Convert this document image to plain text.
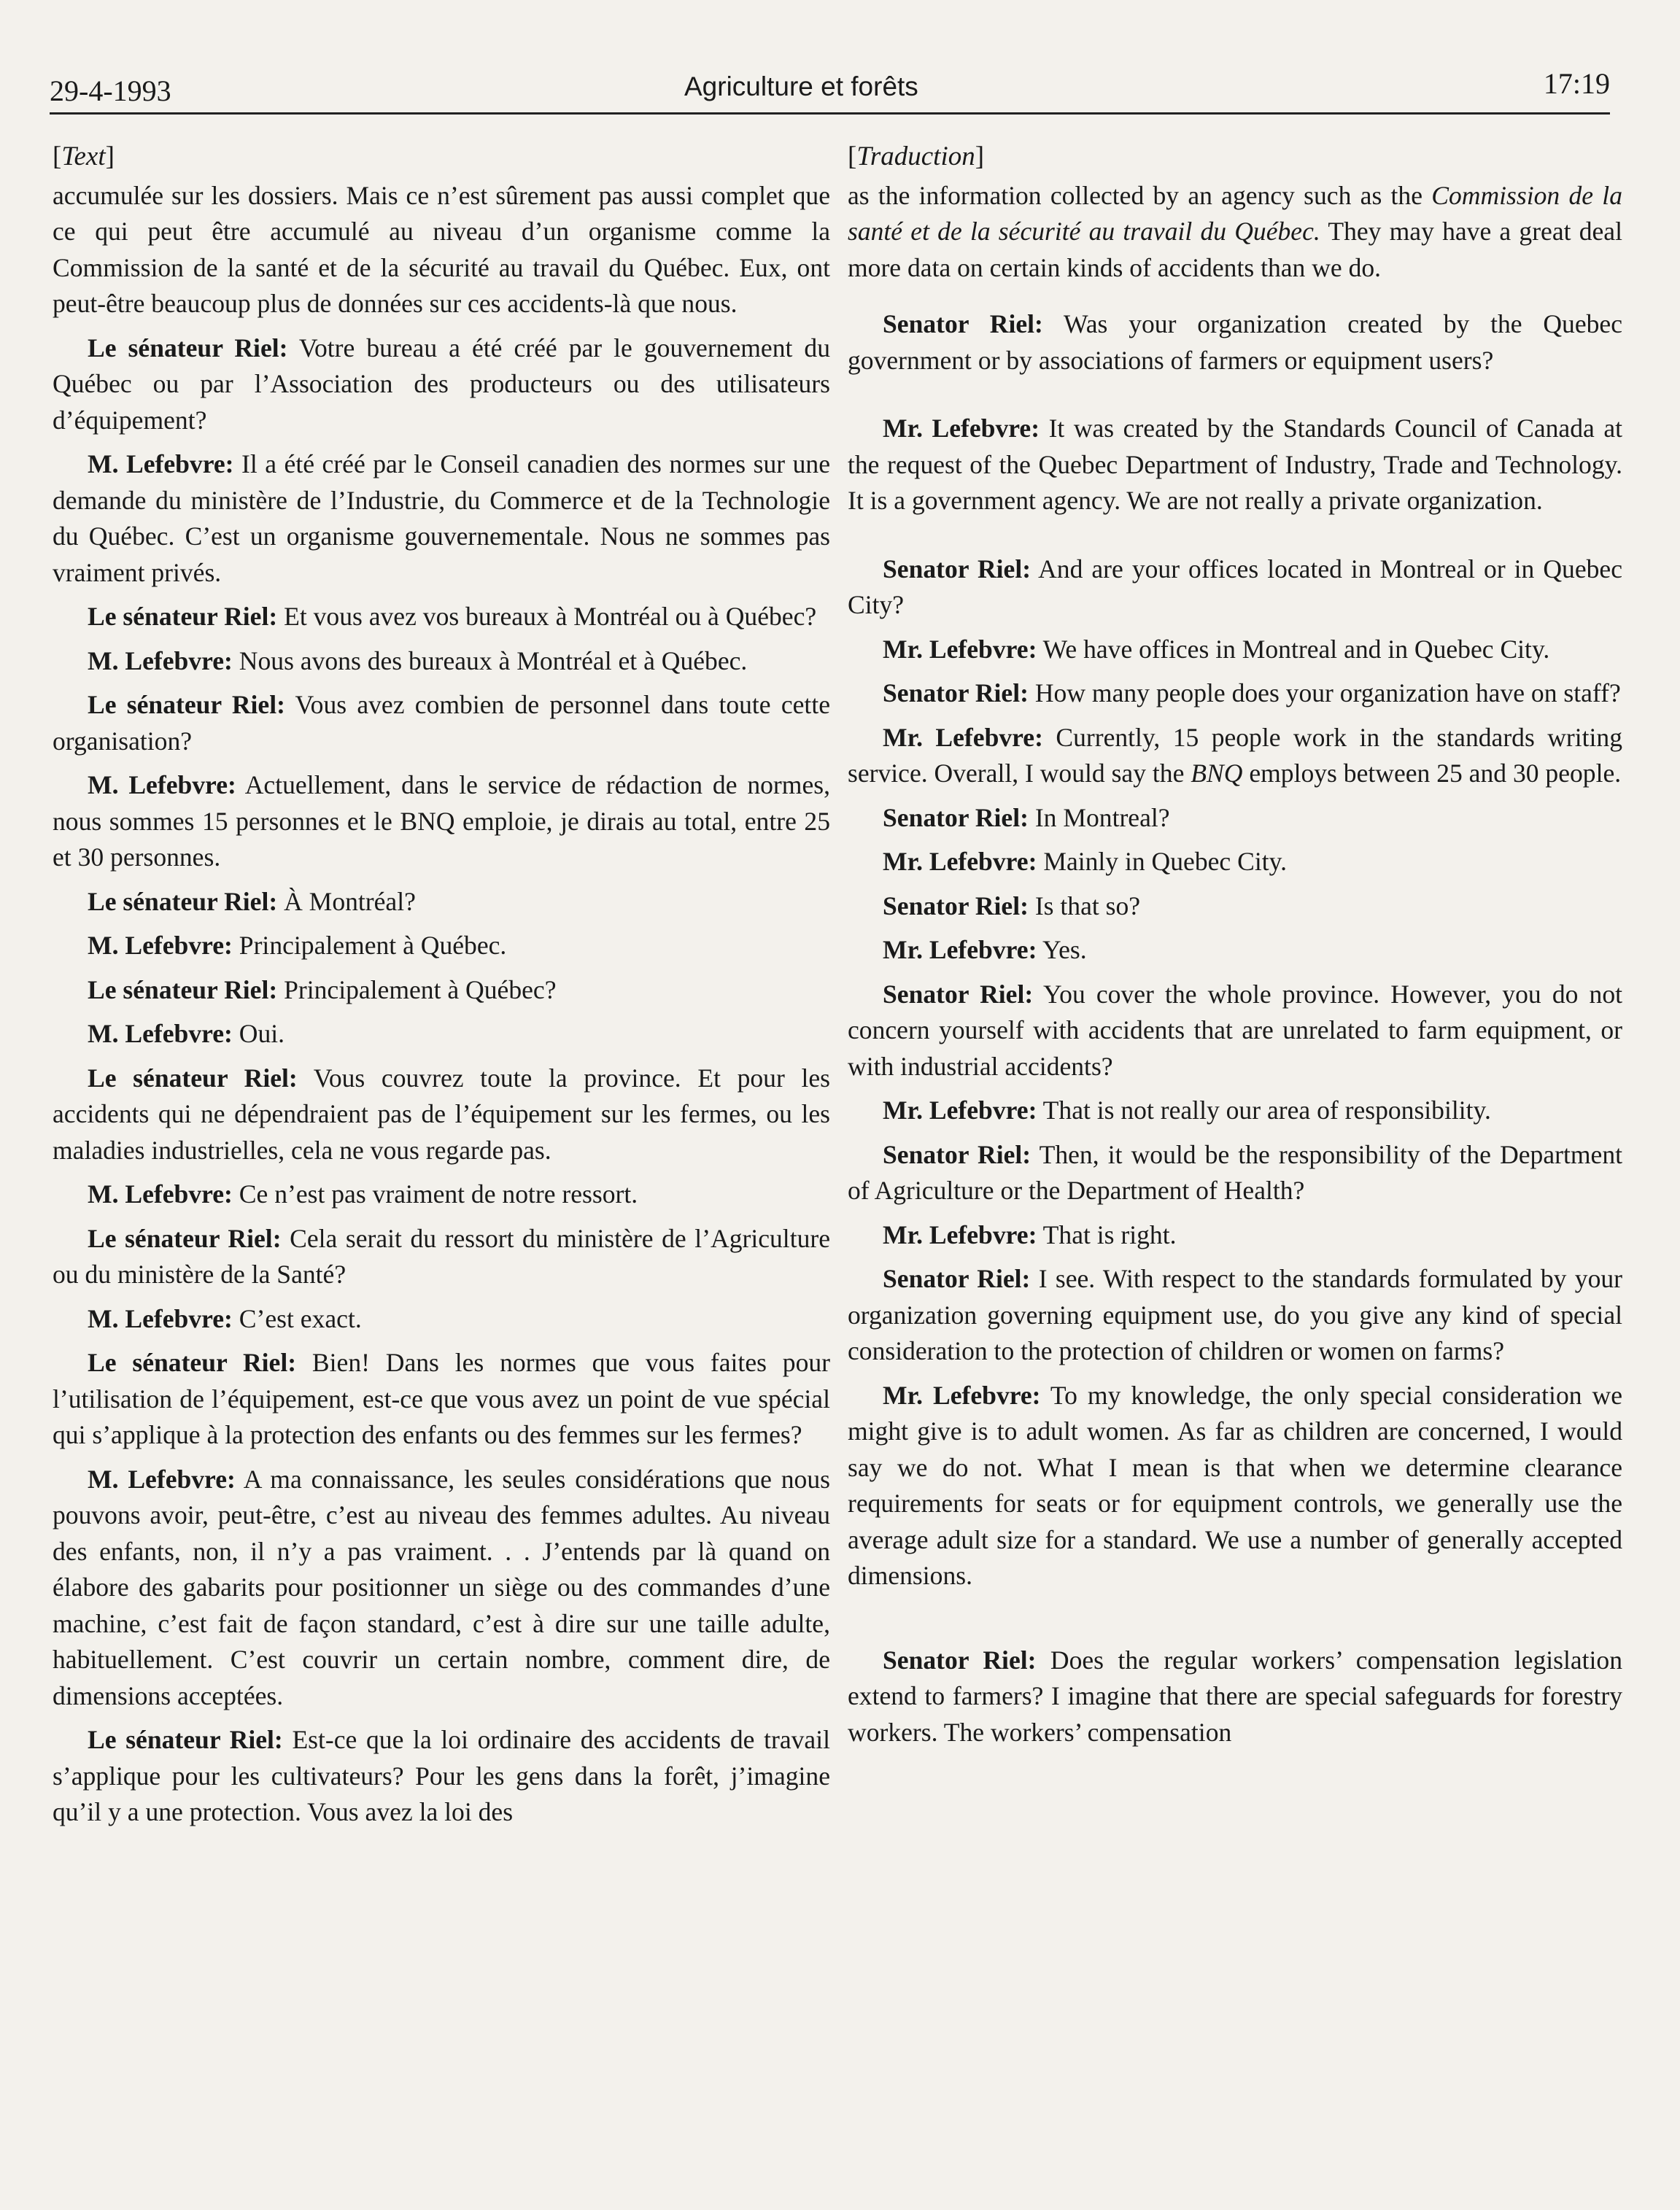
29-4-1993	Agriculture et forêts	17:19
[Text]

accumulée sur les dossiers. Mais ce n’est sûrement pas aussi complet que ce qui peut être accumulé au niveau d’un organisme comme la Commission de la santé et de la sécurité au travail du Québec. Eux, ont peut-être beaucoup plus de données sur ces accidents-là que nous.

Le sénateur Riel: Votre bureau a été créé par le gouvernement du Québec ou par l’Association des producteurs ou des utilisateurs d’équipement?

M. Lefebvre: Il a été créé par le Conseil canadien des normes sur une demande du ministère de l’Industrie, du Commerce et de la Technologie du Québec. C’est un organisme gouvernementale. Nous ne sommes pas vraiment privés.

Le sénateur Riel: Et vous avez vos bureaux à Montréal ou à Québec?

M. Lefebvre: Nous avons des bureaux à Montréal et à Québec.

Le sénateur Riel: Vous avez combien de personnel dans toute cette organisation?

M. Lefebvre: Actuellement, dans le service de rédaction de normes, nous sommes 15 personnes et le BNQ emploie, je dirais au total, entre 25 et 30 personnes.

Le sénateur Riel: À Montréal?

M. Lefebvre: Principalement à Québec.

Le sénateur Riel: Principalement à Québec?

M. Lefebvre: Oui.

Le sénateur Riel: Vous couvrez toute la province. Et pour les accidents qui ne dépendraient pas de l’équipement sur les fermes, ou les maladies industrielles, cela ne vous regarde pas.

M. Lefebvre: Ce n’est pas vraiment de notre ressort.

Le sénateur Riel: Cela serait du ressort du ministère de l’Agriculture ou du ministère de la Santé?

M. Lefebvre: C’est exact.

Le sénateur Riel: Bien! Dans les normes que vous faites pour l’utilisation de l’équipement, est-ce que vous avez un point de vue spécial qui s’applique à la protection des enfants ou des femmes sur les fermes?

M. Lefebvre: A ma connaissance, les seules considérations que nous pouvons avoir, peut-être, c’est au niveau des femmes adultes. Au niveau des enfants, non, il n’y a pas vraiment. . . J’entends par là quand on élabore des gabarits pour positionner un siège ou des commandes d’une machine, c’est fait de façon standard, c’est à dire sur une taille adulte, habituellement. C’est couvrir un certain nombre, comment dire, de dimensions acceptées.

Le sénateur Riel: Est-ce que la loi ordinaire des accidents de travail s’applique pour les cultivateurs? Pour les gens dans la forêt, j’imagine qu’il y a une protection. Vous avez la loi des

[Traduction]

as the information collected by an agency such as the Commission de la santé et de la sécurité au travail du Québec. They may have a great deal more data on certain kinds of accidents than we do.

Senator Riel: Was your organization created by the Quebec government or by associations of farmers or equipment users?

Mr. Lefebvre: It was created by the Standards Council of Canada at the request of the Quebec Department of Industry, Trade and Technology. It is a government agency. We are not really a private organization.

Senator Riel: And are your offices located in Montreal or in Quebec City?

Mr. Lefebvre: We have offices in Montreal and in Quebec City.

Senator Riel: How many people does your organization have on staff?

Mr. Lefebvre: Currently, 15 people work in the standards writing service. Overall, I would say the BNQ employs between 25 and 30 people.

Senator Riel: In Montreal?

Mr. Lefebvre: Mainly in Quebec City.

Senator Riel: Is that so?

Mr. Lefebvre: Yes.

Senator Riel: You cover the whole province. However, you do not concern yourself with accidents that are unrelated to farm equipment, or with industrial accidents?

Mr. Lefebvre: That is not really our area of responsibility.

Senator Riel: Then, it would be the responsibility of the Department of Agriculture or the Department of Health?

Mr. Lefebvre: That is right.

Senator Riel: I see. With respect to the standards formulated by your organization governing equipment use, do you give any kind of special consideration to the protection of children or women on farms?

Mr. Lefebvre: To my knowledge, the only special consideration we might give is to adult women. As far as children are concerned, I would say we do not. What I mean is that when we determine clearance requirements for seats or for equipment controls, we generally use the average adult size for a standard. We use a number of generally accepted dimensions.

Senator Riel: Does the regular workers’ compensation legislation extend to farmers? I imagine that there are special safeguards for forestry workers. The workers’ compensation
